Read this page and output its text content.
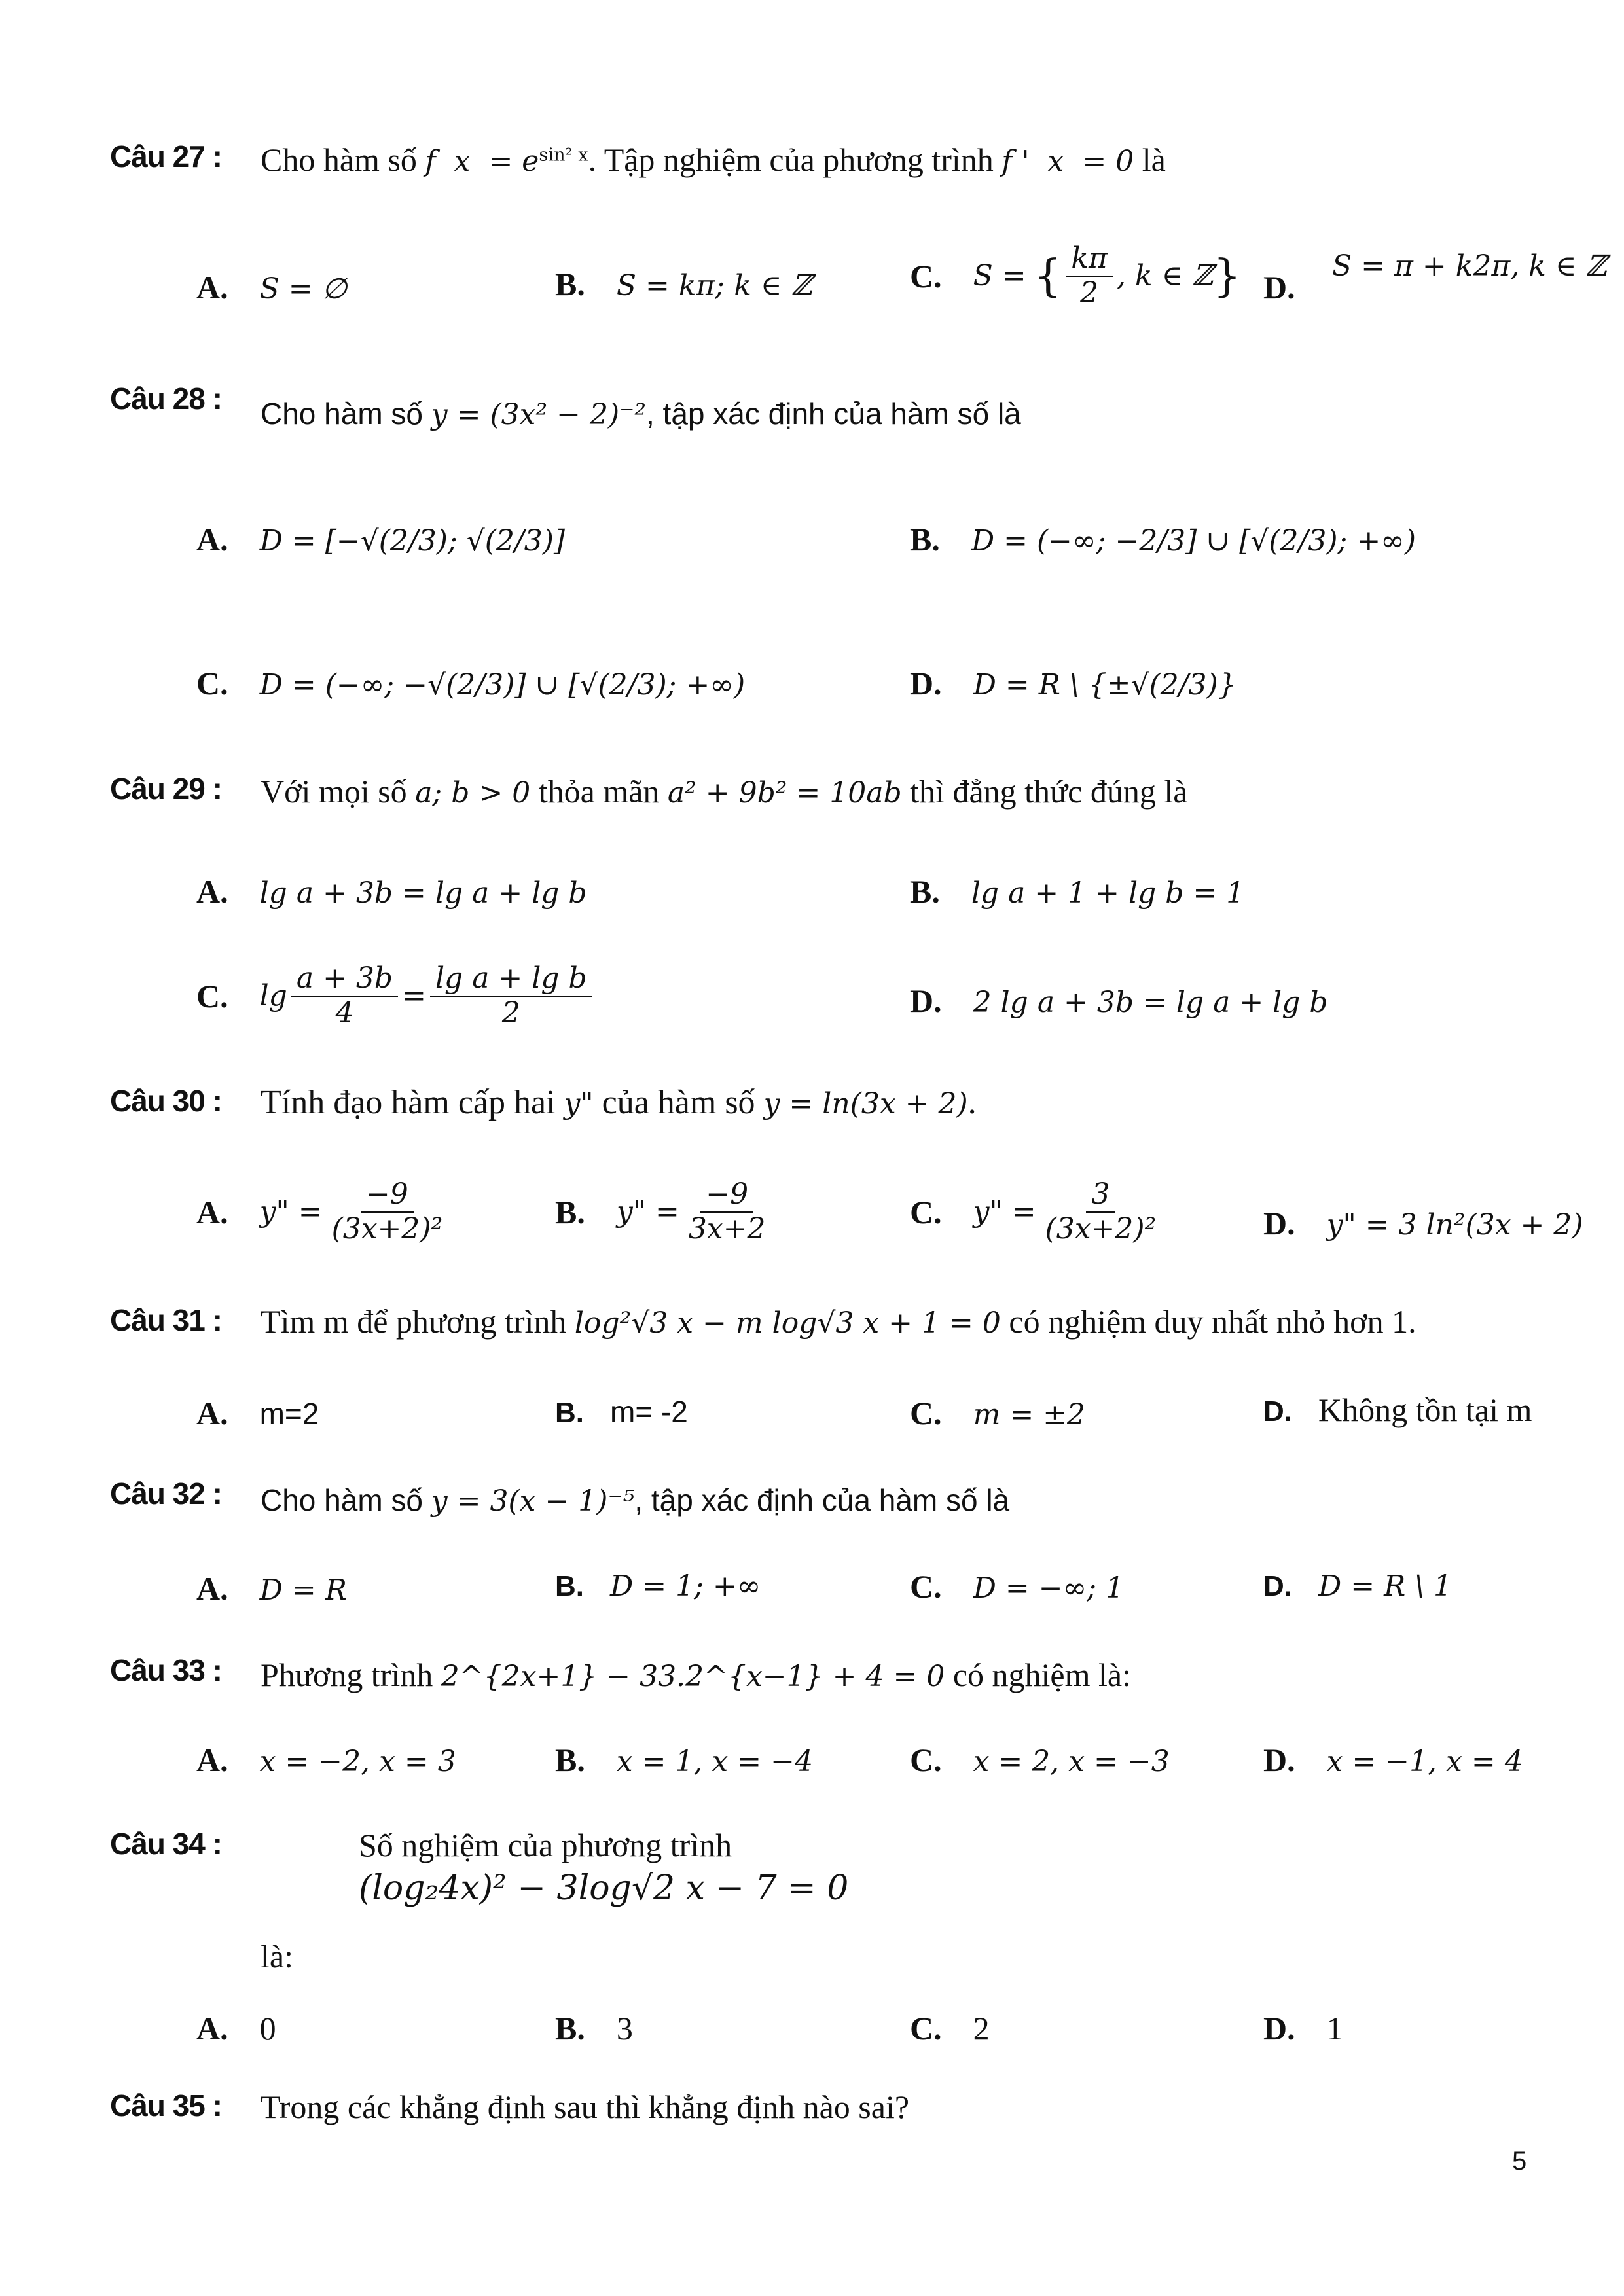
Câu 27 : Cho hàm số f  $x = e^{sin^2 x}$. Tập nghiệm của phương trình f '  x  = 0 là
A. S = ∅	B. S = kπ; k ∈ ℤ	C. S = { $\frac{k\pi}{2}$ , k ∈ ℤ} D.
S = π + k2π, k ∈ ℤ
Câu 28 : Cho hàm số y = (3x² − 2)⁻², tập xác định của hàm số là
A. D = [−√(2/3); √(2/3)]	B. D = (−∞; −2/3] ∪ [√(2/3); +∞)
C. D = (−∞; −√(2/3)] ∪ [√(2/3); +∞)	D. D = R \ {±√(2/3)}
Câu 29 : Với mọi số a; b > 0 thỏa mãn a² + 9b² = 10ab thì đẳng thức đúng là
A. lg a + 3b = lg a + lg b	B. lg a + 1 + lg b = 1
C. $\lg \frac{a + 3b}{4} = \frac{\text{lg a + lg b}}{2}$	D. 2 lg a + 3b = lg a + lg b
Câu 30 : Tính đạo hàm cấp hai y" của hàm số y = ln(3x + 2).
A. y" = $\frac{-9}{\text{(3x+2)²}}$	B. y" = $\frac{-9}{3x+2}$	C. y" = $\frac{3}{\text{(3x+2)²}}$	D. y" = 3 ln²(3x + 2)
Câu 31 : Tìm m để phương trình log²√3 x − m log√3 x + 1 = 0 có nghiệm duy nhất nhỏ hơn 1.
A. m=2	B. m= -2	C. m = ±2	D. Không tồn tại m
Câu 32 : Cho hàm số y = 3(x − 1)⁻⁵, tập xác định của hàm số là
A. D = R	B. D = 1; +∞	C. D = −∞; 1	D. D = R \ 1
Câu 33 : Phương trình 2^{2x+1} − 33.2^{x−1} + 4 = 0 có nghiệm là:
A. x = −2, x = 3	B. x = 1, x = −4	C. x = 2, x = −3	D. x = −1, x = 4
Câu 34 :	Số nghiệm của phương trình
(log₂4x)² − 3log√2 x − 7 = 0
là:
A. 0	B. 3	C. 2	D. 1
Câu 35 : Trong các khẳng định sau thì khẳng định nào sai?
5
